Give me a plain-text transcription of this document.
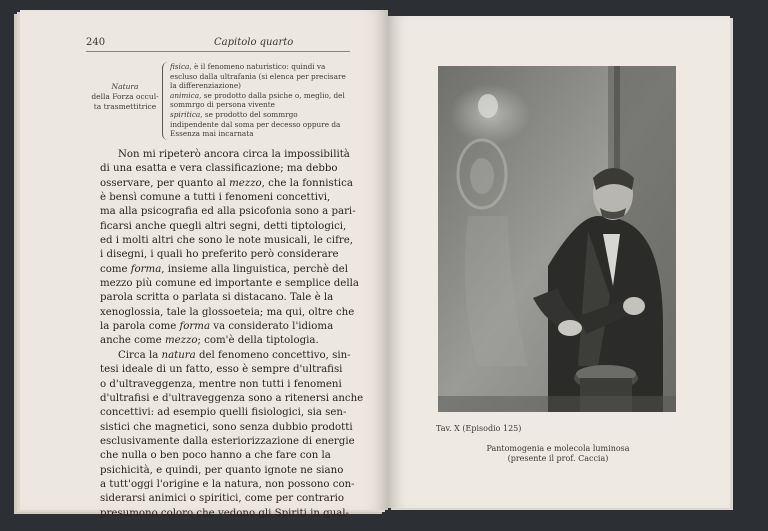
240	Capitolo quarto
Natura
della Forza occul-
ta trasmettitrice

fisica, è il fenomeno naturistico: quindi va escluso dalla ultrafania (si elenca per precisare la differenziazione)

animica, se prodotto dalla psiche o, meglio, del sommrgo di persona vivente

spiritica, se prodotto del sommrgo indipendente dal soma per decesso oppure da Essenza mai incarnata

Non mi ripeterò ancora circa la impossibilità
di una esatta e vera classificazione; ma debbo
osservare, per quanto al mezzo, che la fonnistica
è bensì comune a tutti i fenomeni concettivi,
ma alla psicografia ed alla psicofonia sono a pari-
ficarsi anche quegli altri segni, detti tiptologici,
ed i molti altri che sono le note musicali, le cifre,
i disegni, i quali ho preferito però considerare
come forma, insieme alla linguistica, perchè del
mezzo più comune ed importante e semplice della
parola scritta o parlata si distacano. Tale è la
xenoglossia, tale la glossoeteia; ma qui, oltre che
la parola come forma va considerato l'idioma
anche come mezzo; com'è della tiptologia.
Circa la natura del fenomeno concettivo, sin-
tesi ideale di un fatto, esso è sempre d'ultrafisi
o d'ultraveggenza, mentre non tutti i fenomeni
d'ultrafisi e d'ultraveggenza sono a ritenersi anche
concettivi: ad esempio quelli fisiologici, sia sen-
sistici che magnetici, sono senza dubbio prodotti
esclusivamente dalla esteriorizzazione di energie
che nulla o ben poco hanno a che fare con la
psichicità, e quindi, per quanto ignote ne siano
a tutt'oggi l'origine e la natura, non possono con-
siderarsi animici o spiritici, come per contrario
presumono coloro che vedono gli Spiriti in qual-
Tav. X (Episodio 125)
Pantomogenia e molecola luminosa
(presente il prof. Caccia)
